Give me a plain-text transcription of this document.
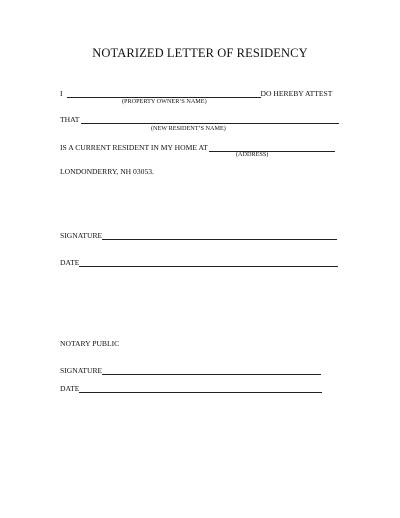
NOTARIZED LETTER OF RESIDENCY
I	DO HEREBY ATTEST
(PROPERTY OWNER’S NAME)
THAT
(NEW RESIDENT’S NAME)
IS A CURRENT RESIDENT IN MY HOME AT
(ADDRESS)
LONDONDERRY, NH 03053.
SIGNATURE
DATE
NOTARY PUBLIC
SIGNATURE
DATE
